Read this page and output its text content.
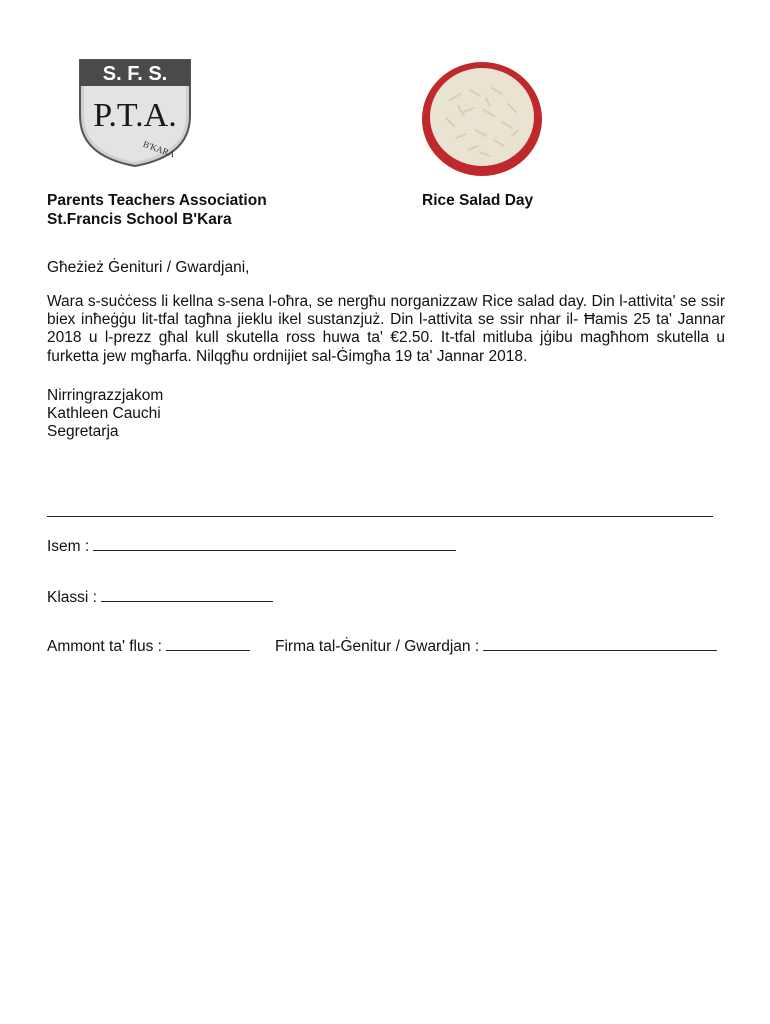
S. F. S.
P.T.A.
B'KARA
Parents Teachers Association
St.Francis School B'Kara
Rice Salad Day
Għeżież Ġenituri / Gwardjani,

Wara s-suċċess li kellna s-sena l-oħra, se nergħu norganizzaw Rice salad day. Din l-attivita' se ssir biex inħeġġu lit-tfal tagħna jieklu ikel sustanzjuż. Din l-attivita se ssir nhar il- Ħamis 25 ta' Jannar 2018 u l-prezz għal kull skutella ross huwa ta' €2.50. It-tfal mitluba jġibu magħhom skutella u furketta jew mgħarfa. Nilqgħu ordnijiet sal-Ġimgħa 19 ta' Jannar 2018.

Nirringrazzjakom
Kathleen Cauchi
Segretarja
Isem :
Klassi :
Ammont ta' flus :	Firma tal-Ġenitur / Gwardjan :
